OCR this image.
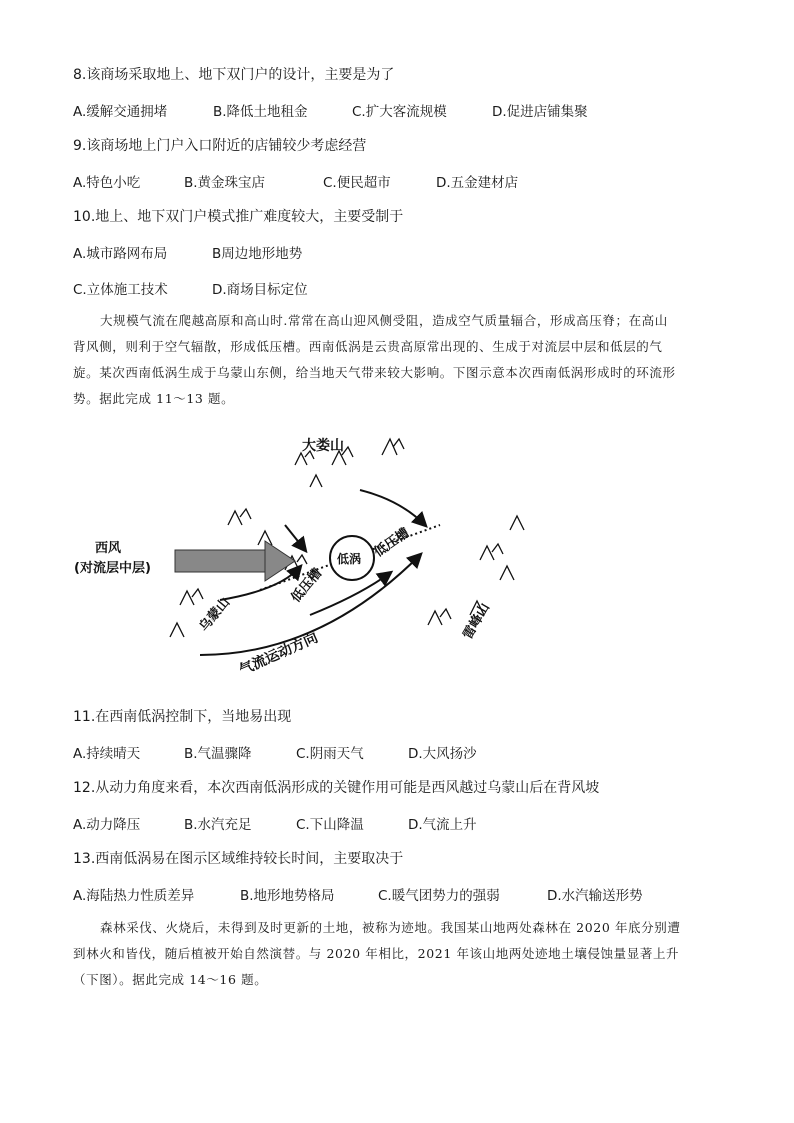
8.该商场采取地上、地下双门户的设计，主要是为了
A.缓解交通拥堵	B.降低土地租金	C.扩大客流规模	D.促进店铺集聚
9.该商场地上门户入口附近的店铺较少考虑经营
A.特色小吃	B.黄金珠宝店	C.便民超市	D.五金建材店
10.地上、地下双门户模式推广难度较大，主要受制于
A.城市路网布局	B周边地形地势
C.立体施工技术	D.商场目标定位

大规模气流在爬越高原和高山时.常常在高山迎风侧受阻，造成空气质量辐合，形成高压脊；在高山

背风侧，则利于空气辐散，形成低压槽。西南低涡是云贵高原常出现的、生成于对流层中层和低层的气

旋。某次西南低涡生成于乌蒙山东侧，给当地天气带来较大影响。下图示意本次西南低涡形成时的环流形

势。据此完成 11～13 题。

大娄山
西风
(对流层中层)
乌蒙山
低压槽
低涡 低压槽
气流运动方向
雷峰山
11.在西南低涡控制下，当地易出现
A.持续晴天	B.气温骤降	C.阴雨天气	D.大风扬沙
12.从动力角度来看，本次西南低涡形成的关键作用可能是西风越过乌蒙山后在背风坡
A.动力降压	B.水汽充足	C.下山降温	D.气流上升
13.西南低涡易在图示区域维持较长时间，主要取决于
A.海陆热力性质差异	B.地形地势格局	C.暖气团势力的强弱	D.水汽输送形势

森林采伐、火烧后，未得到及时更新的土地，被称为迹地。我国某山地两处森林在 2020 年底分别遭

到林火和皆伐，随后植被开始自然演替。与 2020 年相比，2021 年该山地两处迹地土壤侵蚀量显著上升

（下图）。据此完成 14～16 题。
